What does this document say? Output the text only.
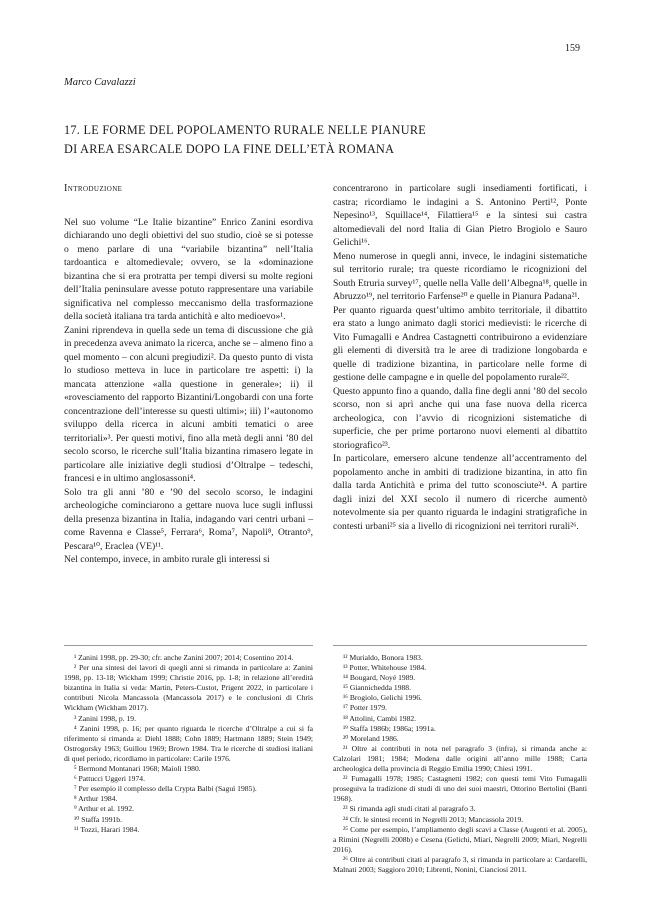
159
Marco Cavalazzi
17. LE FORME DEL POPOLAMENTO RURALE NELLE PIANURE
DI AREA ESARCALE DOPO LA FINE DELL’ETÀ ROMANA
Introduzione

Nel suo volume “Le Italie bizantine” Enrico Zanini esordiva dichiarando uno degli obiettivi del suo studio, cioè se si potesse o meno parlare di una “variabile bizantina” nell’Italia tardoantica e altomedievale; ovvero, se la «dominazione bizantina che si era protratta per tempi diversi su molte regioni dell’Italia peninsulare avesse potuto rappresentare una variabile significativa nel complesso meccanismo della trasformazione della società italiana tra tarda antichità e alto medioevo»¹.

Zanini riprendeva in quella sede un tema di discussione che già in precedenza aveva animato la ricerca, anche se – almeno fino a quel momento – con alcuni pregiudizi². Da questo punto di vista lo studioso metteva in luce in particolare tre aspetti: i) la mancata attenzione «alla questione in generale»; ii) il «rovesciamento del rapporto Bizantini/Longobardi con una forte concentrazione dell’interesse su questi ultimi»; iii) l’«autonomo sviluppo della ricerca in alcuni ambiti tematici o aree territoriali»³. Per questi motivi, fino alla metà degli anni ’80 del secolo scorso, le ricerche sull’Italia bizantina rimasero legate in particolare alle iniziative degli studiosi d’Oltralpe – tedeschi, francesi e in ultimo anglosassoni⁴.

Solo tra gli anni ’80 e ’90 del secolo scorso, le indagini archeologiche cominciarono a gettare nuova luce sugli influssi della presenza bizantina in Italia, indagando vari centri urbani – come Ravenna e Classe⁵, Ferrara⁶, Roma⁷, Napoli⁸, Otranto⁹, Pescara¹⁰, Eraclea (VE)¹¹.

Nel contempo, invece, in ambito rurale gli interessi si

concentrarono in particolare sugli insediamenti fortificati, i castra; ricordiamo le indagini a S. Antonino Perti¹², Ponte Nepesino¹³, Squillace¹⁴, Filattiera¹⁵ e la sintesi sui castra altomedievali del nord Italia di Gian Pietro Brogiolo e Sauro Gelichi¹⁶.

Meno numerose in quegli anni, invece, le indagini sistematiche sul territorio rurale; tra queste ricordiamo le ricognizioni del South Etruria survey¹⁷, quelle nella Valle dell’Albegna¹⁸, quelle in Abruzzo¹⁹, nel territorio Farfense²⁰ e quelle in Pianura Padana²¹.

Per quanto riguarda quest’ultimo ambito territoriale, il dibattito era stato a lungo animato dagli storici medievisti: le ricerche di Vito Fumagalli e Andrea Castagnetti contribuirono a evidenziare gli elementi di diversità tra le aree di tradizione longobarda e quelle di tradizione bizantina, in particolare nelle forme di gestione delle campagne e in quelle del popolamento rurale²².

Questo appunto fino a quando, dalla fine degli anni ’80 del secolo scorso, non si aprì anche qui una fase nuova della ricerca archeologica, con l’avvio di ricognizioni sistematiche di superficie, che per prime portarono nuovi elementi al dibattito storiografico²³.

In particolare, emersero alcune tendenze all’accentramento del popolamento anche in ambiti di tradizione bizantina, in atto fin dalla tarda Antichità e prima del tutto sconosciute²⁴. A partire dagli inizi del XXI secolo il numero di ricerche aumentò notevolmente sia per quanto riguarda le indagini stratigrafiche in contesti urbani²⁵ sia a livello di ricognizioni nei territori rurali²⁶.

¹ Zanini 1998, pp. 29-30; cfr. anche Zanini 2007; 2014; Cosentino 2014.

² Per una sintesi dei lavori di quegli anni si rimanda in particolare a: Zanini 1998, pp. 13-18; Wickham 1999; Christie 2016, pp. 1-8; in relazione all’eredità bizantina in Italia si veda: Martin, Peters-Custot, Prigent 2022, in particolare i contributi Nicola Mancassola (Mancassola 2017) e le conclusioni di Chris Wickham (Wickham 2017).

³ Zanini 1998, p. 19.

⁴ Zanini 1998, p. 16; per quanto riguarda le ricerche d’Oltralpe a cui si fa riferimento si rimanda a: Diehl 1888; Cohn 1889; Hartmann 1889; Stein 1949; Ostrogorsky 1963; Guillou 1969; Brown 1984. Tra le ricerche di studiosi italiani di quel periodo, ricordiamo in particolare: Carile 1976.

⁵ Bermond Montanari 1968; Maioli 1980.

⁶ Pattucci Uggeri 1974.

⁷ Per esempio il complesso della Crypta Balbi (Saguì 1985).

⁸ Arthur 1984.

⁹ Arthur et al. 1992.

¹⁰ Staffa 1991b.

¹¹ Tozzi, Harari 1984.

¹² Murialdo, Bonora 1983.

¹³ Potter, Whitehouse 1984.

¹⁴ Bougard, Noyé 1989.

¹⁵ Giannichedda 1988.

¹⁶ Brogiolo, Gelichi 1996.

¹⁷ Potter 1979.

¹⁸ Attolini, Cambi 1982.

¹⁹ Staffa 1986b; 1986a; 1991a.

²⁰ Moreland 1986.

²¹ Oltre ai contributi in nota nel paragrafo 3 (infra), si rimanda anche a: Calzolari 1981; 1984; Modena dalle origini all’anno mille 1988; Carta archeologica della provincia di Reggio Emilia 1990; Chiesi 1991.

²² Fumagalli 1978; 1985; Castagnetti 1982; con questi temi Vito Fumagalli proseguiva la tradizione di studi di uno dei suoi maestri, Ottorino Bertolini (Banti 1968).

²³ Si rimanda agli studi citati al paragrafo 3.

²⁴ Cfr. le sintesi recenti in Negrelli 2013; Mancassola 2019.

²⁵ Come per esempio, l’ampliamento degli scavi a Classe (Augenti et al. 2005), a Rimini (Negrelli 2008b) e Cesena (Gelichi, Miari, Negrelli 2009; Miari, Negrelli 2016).

²⁶ Oltre ai contributi citati al paragrafo 3, si rimanda in particolare a: Cardarelli, Malnati 2003; Saggioro 2010; Librenti, Nonini, Cianciosi 2011.
